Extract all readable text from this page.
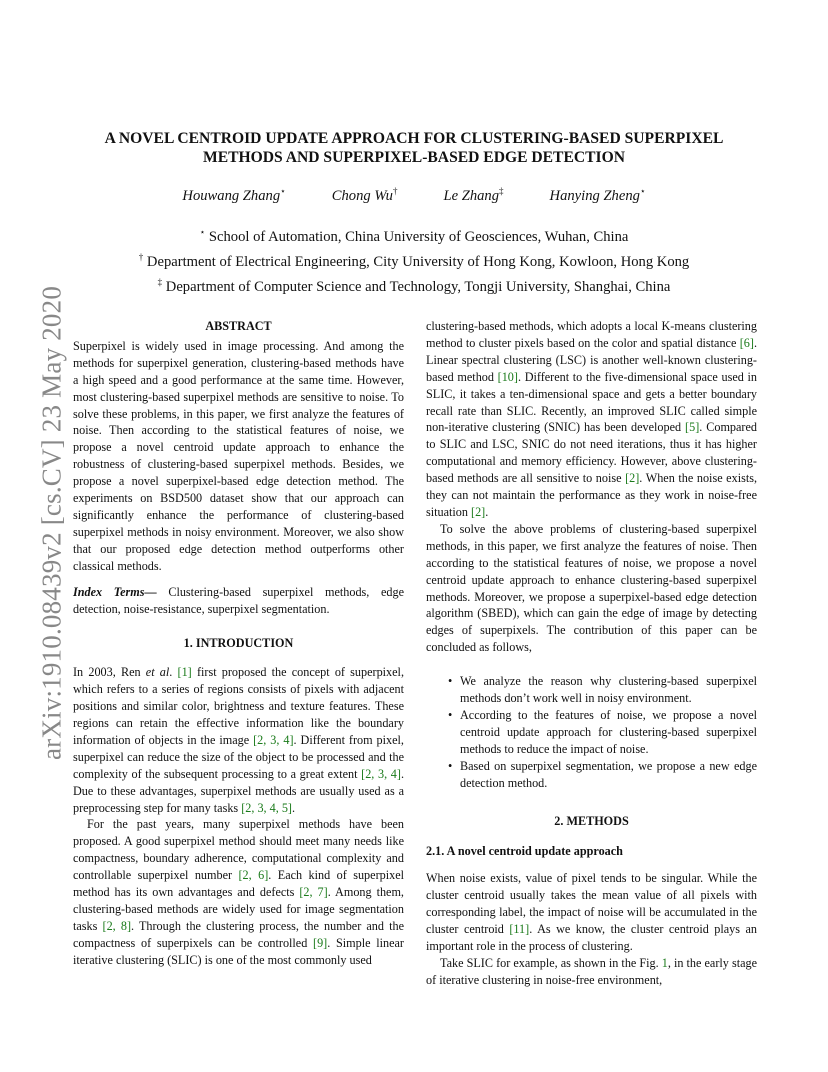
arXiv:1910.08439v2 [cs.CV] 23 May 2020
A NOVEL CENTROID UPDATE APPROACH FOR CLUSTERING-BASED SUPERPIXEL
METHODS AND SUPERPIXEL-BASED EDGE DETECTION
Houwang Zhang⋆	Chong Wu†	Le Zhang‡	Hanying Zheng⋆
⋆ School of Automation, China University of Geosciences, Wuhan, China
† Department of Electrical Engineering, City University of Hong Kong, Kowloon, Hong Kong
‡ Department of Computer Science and Technology, Tongji University, Shanghai, China
ABSTRACT

Superpixel is widely used in image processing. And among the methods for superpixel generation, clustering-based methods have a high speed and a good performance at the same time. However, most clustering-based superpixel methods are sensitive to noise. To solve these problems, in this paper, we first analyze the features of noise. Then according to the statistical features of noise, we propose a novel centroid update approach to enhance the robustness of clustering-based superpixel methods. Besides, we propose a novel superpixel-based edge detection method. The experiments on BSD500 dataset show that our approach can significantly enhance the performance of clustering-based superpixel methods in noisy environment. Moreover, we also show that our proposed edge detection method outperforms other classical methods.

Index Terms— Clustering-based superpixel methods, edge detection, noise-resistance, superpixel segmentation.

1. INTRODUCTION

In 2003, Ren et al. [1] first proposed the concept of superpixel, which refers to a series of regions consists of pixels with adjacent positions and similar color, brightness and texture features. These regions can retain the effective information like the boundary information of objects in the image [2, 3, 4]. Different from pixel, superpixel can reduce the size of the object to be processed and the complexity of the subsequent processing to a great extent [2, 3, 4]. Due to these advantages, superpixel methods are usually used as a preprocessing step for many tasks [2, 3, 4, 5].

For the past years, many superpixel methods have been proposed. A good superpixel method should meet many needs like compactness, boundary adherence, computational complexity and controllable superpixel number [2, 6]. Each kind of superpixel method has its own advantages and defects [2, 7]. Among them, clustering-based methods are widely used for image segmentation tasks [2, 8]. Through the clustering process, the number and the compactness of superpixels can be controlled [9]. Simple linear iterative clustering (SLIC) is one of the most commonly used

clustering-based methods, which adopts a local K-means clustering method to cluster pixels based on the color and spatial distance [6]. Linear spectral clustering (LSC) is another well-known clustering-based method [10]. Different to the five-dimensional space used in SLIC, it takes a ten-dimensional space and gets a better boundary recall rate than SLIC. Recently, an improved SLIC called simple non-iterative clustering (SNIC) has been developed [5]. Compared to SLIC and LSC, SNIC do not need iterations, thus it has higher computational and memory efficiency. However, above clustering-based methods are all sensitive to noise [2]. When the noise exists, they can not maintain the performance as they work in noise-free situation [2].

To solve the above problems of clustering-based superpixel methods, in this paper, we first analyze the features of noise. Then according to the statistical features of noise, we propose a novel centroid update approach to enhance clustering-based superpixel methods. Moreover, we propose a superpixel-based edge detection algorithm (SBED), which can gain the edge of image by detecting edges of superpixels. The contribution of this paper can be concluded as follows,

• We analyze the reason why clustering-based superpixel methods don’t work well in noisy environment.
• According to the features of noise, we propose a novel centroid update approach for clustering-based superpixel methods to reduce the impact of noise.
• Based on superpixel segmentation, we propose a new edge detection method.
2. METHODS
2.1. A novel centroid update approach

When noise exists, value of pixel tends to be singular. While the cluster centroid usually takes the mean value of all pixels with corresponding label, the impact of noise will be accumulated in the cluster centroid [11]. As we know, the cluster centroid plays an important role in the process of clustering.

Take SLIC for example, as shown in the Fig. 1, in the early stage of iterative clustering in noise-free environment,
